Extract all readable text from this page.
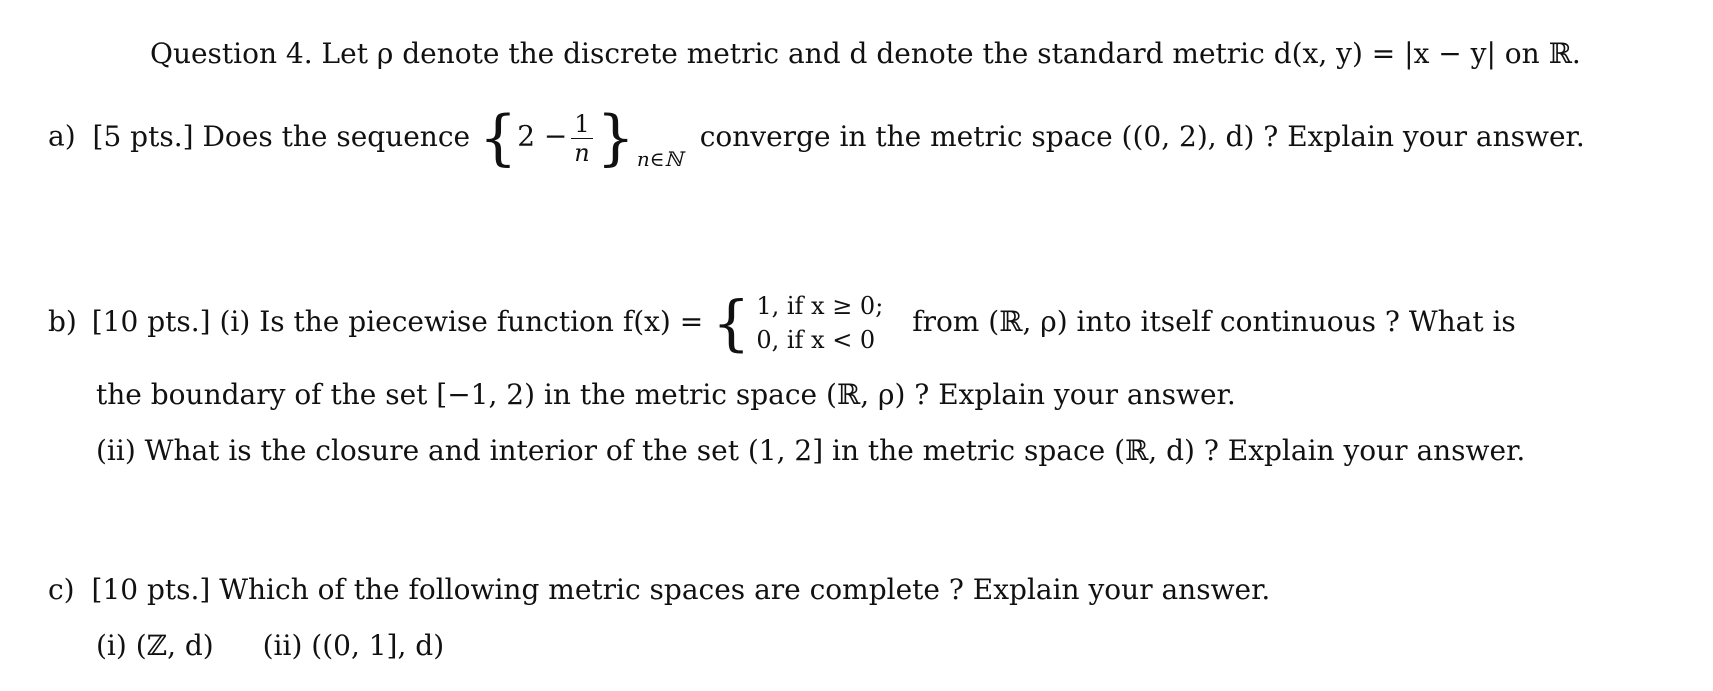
Question 4. Let ρ denote the discrete metric and d denote the standard metric d(x, y) = |x − y| on ℝ.
a) [5 pts.] Does the sequence {$2 - \frac{1}{n}$ } $_{n\in ℕ}$ converge in the metric space ((0, 2), d) ? Explain your answer.
b) [10 pts.] (i) Is the piecewise function f(x) = { 1, if x ≥ 0;
0, if x < 0
from (ℝ, ρ) into itself continuous ? What is
the boundary of the set [−1, 2) in the metric space (ℝ, ρ) ? Explain your answer.
(ii) What is the closure and interior of the set (1, 2] in the metric space (ℝ, d) ? Explain your answer.
c) [10 pts.] Which of the following metric spaces are complete ? Explain your answer.
(i) (ℤ, d) (ii) ((0, 1], d)
